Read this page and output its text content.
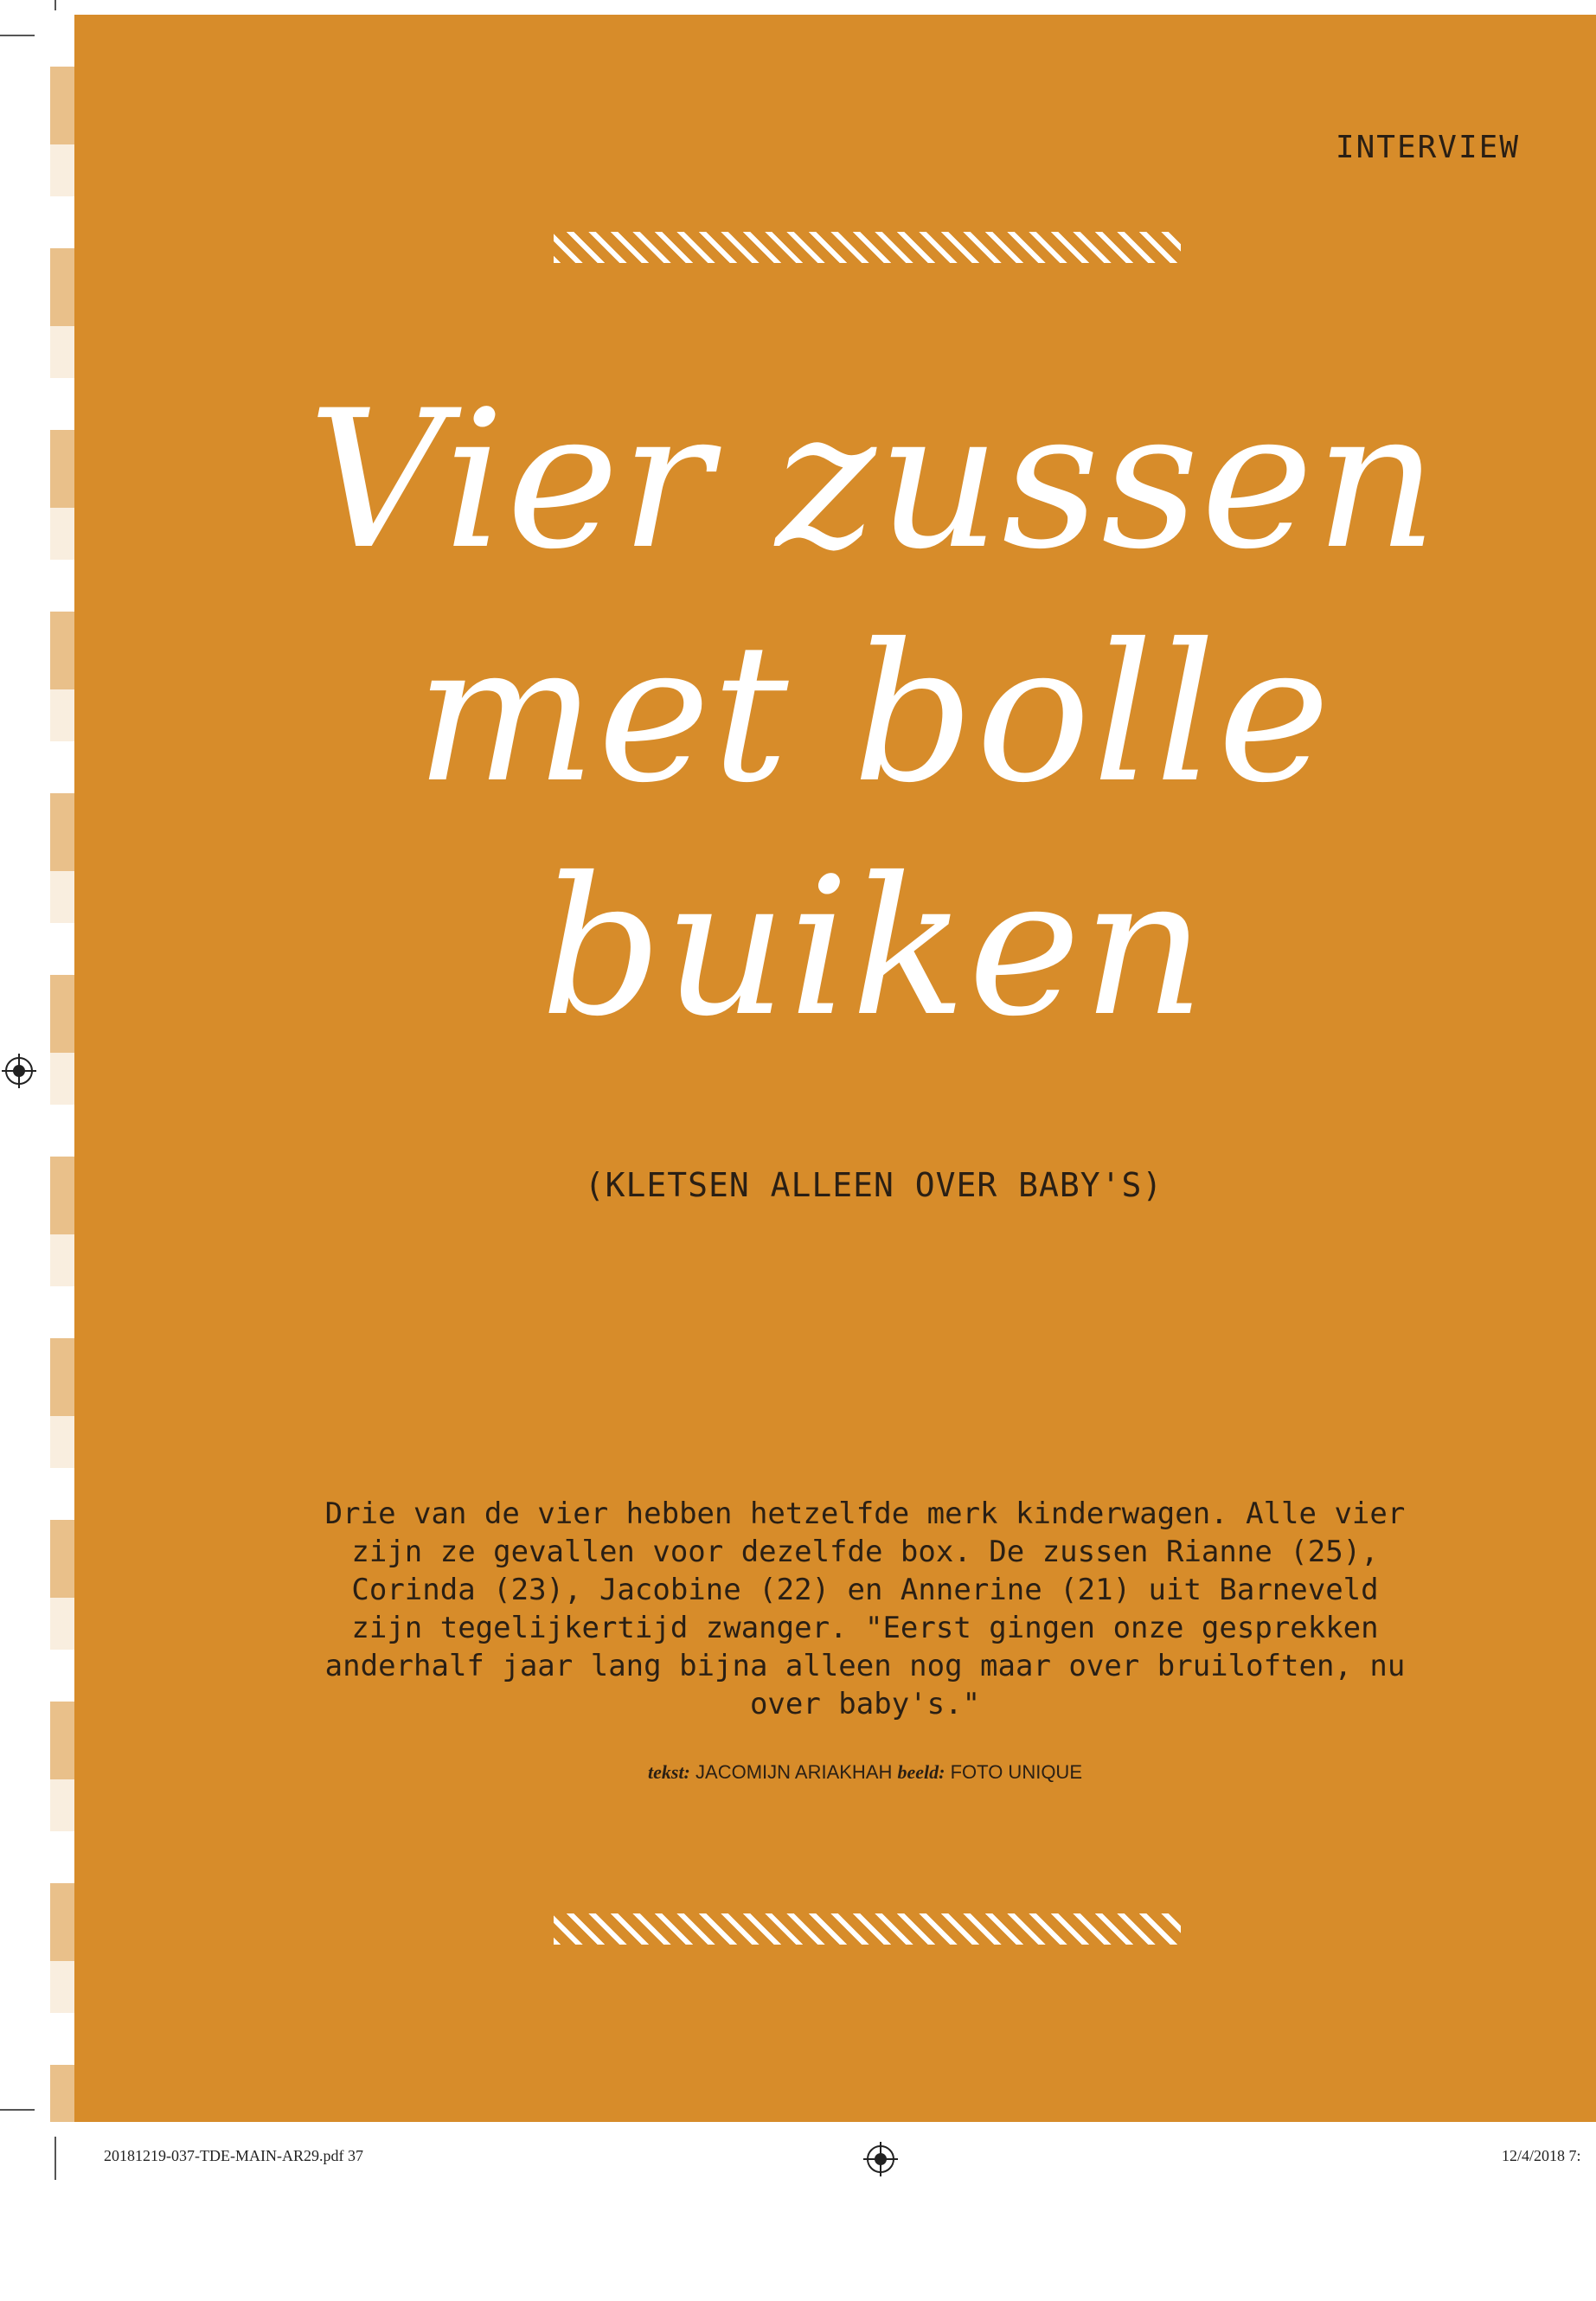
INTERVIEW
Vier zussen
met bolle
buiken
(KLETSEN ALLEEN OVER BABY'S)
Drie van de vier hebben hetzelfde merk kinderwagen. Alle vier zijn ze gevallen voor dezelfde box. De zussen Rianne (25), Corinda (23), Jacobine (22) en Annerine (21) uit Barneveld zijn tegelijkertijd zwanger. "Eerst gingen onze gesprekken anderhalf jaar lang bijna alleen nog maar over bruiloften, nu over baby's."
tekst: JACOMIJN ARIAKHAH beeld: FOTO UNIQUE
20181219-037-TDE-MAIN-AR29.pdf 37	12/4/2018 7:
